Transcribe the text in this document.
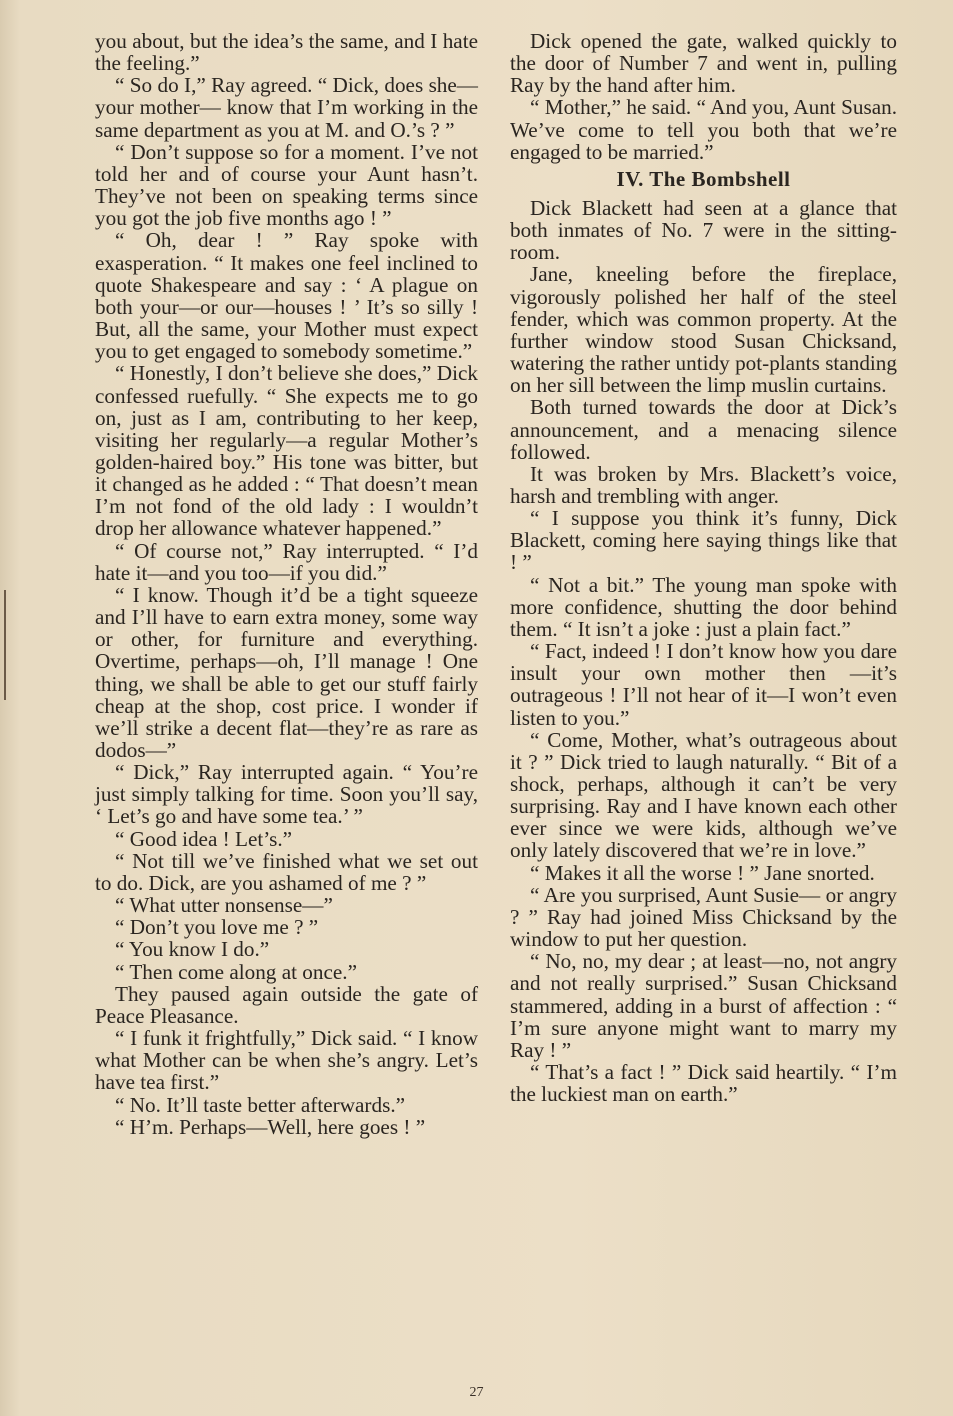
you about, but the idea’s the same, and I hate the feeling.”

“ So do I,” Ray agreed. “ Dick, does she—your mother— know that I’m working in the same department as you at M. and O.’s ? ”

“ Don’t suppose so for a moment. I’ve not told her and of course your Aunt hasn’t. They’ve not been on speaking terms since you got the job five months ago ! ”

“ Oh, dear ! ” Ray spoke with exasperation. “ It makes one feel inclined to quote Shakespeare and say : ‘ A plague on both your—or our—houses ! ’ It’s so silly ! But, all the same, your Mother must expect you to get engaged to somebody sometime.”

“ Honestly, I don’t believe she does,” Dick confessed ruefully. “ She expects me to go on, just as I am, contributing to her keep, visiting her regularly—a regular Mother’s golden-haired boy.” His tone was bitter, but it changed as he added : “ That doesn’t mean I’m not fond of the old lady : I wouldn’t drop her allowance whatever happened.”

“ Of course not,” Ray interrupted. “ I’d hate it—and you too—if you did.”

“ I know. Though it’d be a tight squeeze and I’ll have to earn extra money, some way or other, for furniture and everything. Overtime, perhaps—oh, I’ll manage ! One thing, we shall be able to get our stuff fairly cheap at the shop, cost price. I wonder if we’ll strike a decent flat—they’re as rare as dodos—”

“ Dick,” Ray interrupted again. “ You’re just simply talking for time. Soon you’ll say, ‘ Let’s go and have some tea.’ ”

“ Good idea ! Let’s.”

“ Not till we’ve finished what we set out to do. Dick, are you ashamed of me ? ”

“ What utter nonsense—”

“ Don’t you love me ? ”

“ You know I do.”

“ Then come along at once.”

They paused again outside the gate of Peace Pleasance.

“ I funk it frightfully,” Dick said. “ I know what Mother can be when she’s angry. Let’s have tea first.”

“ No. It’ll taste better afterwards.”

“ H’m. Perhaps—Well, here goes ! ”

Dick opened the gate, walked quickly to the door of Number 7 and went in, pulling Ray by the hand after him.

“ Mother,” he said. “ And you, Aunt Susan. We’ve come to tell you both that we’re engaged to be married.”

IV. The Bombshell

Dick Blackett had seen at a glance that both inmates of No. 7 were in the sitting-room.

Jane, kneeling before the fireplace, vigorously polished her half of the steel fender, which was common property. At the further window stood Susan Chicksand, watering the rather untidy pot-plants standing on her sill between the limp muslin curtains.

Both turned towards the door at Dick’s announcement, and a menacing silence followed.

It was broken by Mrs. Blackett’s voice, harsh and trembling with anger.

“ I suppose you think it’s funny, Dick Blackett, coming here saying things like that ! ”

“ Not a bit.” The young man spoke with more confidence, shutting the door behind them. “ It isn’t a joke : just a plain fact.”

“ Fact, indeed ! I don’t know how you dare insult your own mother then —it’s outrageous ! I’ll not hear of it—I won’t even listen to you.”

“ Come, Mother, what’s outrageous about it ? ” Dick tried to laugh naturally. “ Bit of a shock, perhaps, although it can’t be very surprising. Ray and I have known each other ever since we were kids, although we’ve only lately discovered that we’re in love.”

“ Makes it all the worse ! ” Jane snorted.

“ Are you surprised, Aunt Susie— or angry ? ” Ray had joined Miss Chicksand by the window to put her question.

“ No, no, my dear ; at least—no, not angry and not really surprised.” Susan Chicksand stammered, adding in a burst of affection : “ I’m sure anyone might want to marry my Ray ! ”

“ That’s a fact ! ” Dick said heartily. “ I’m the luckiest man on earth.”

27
